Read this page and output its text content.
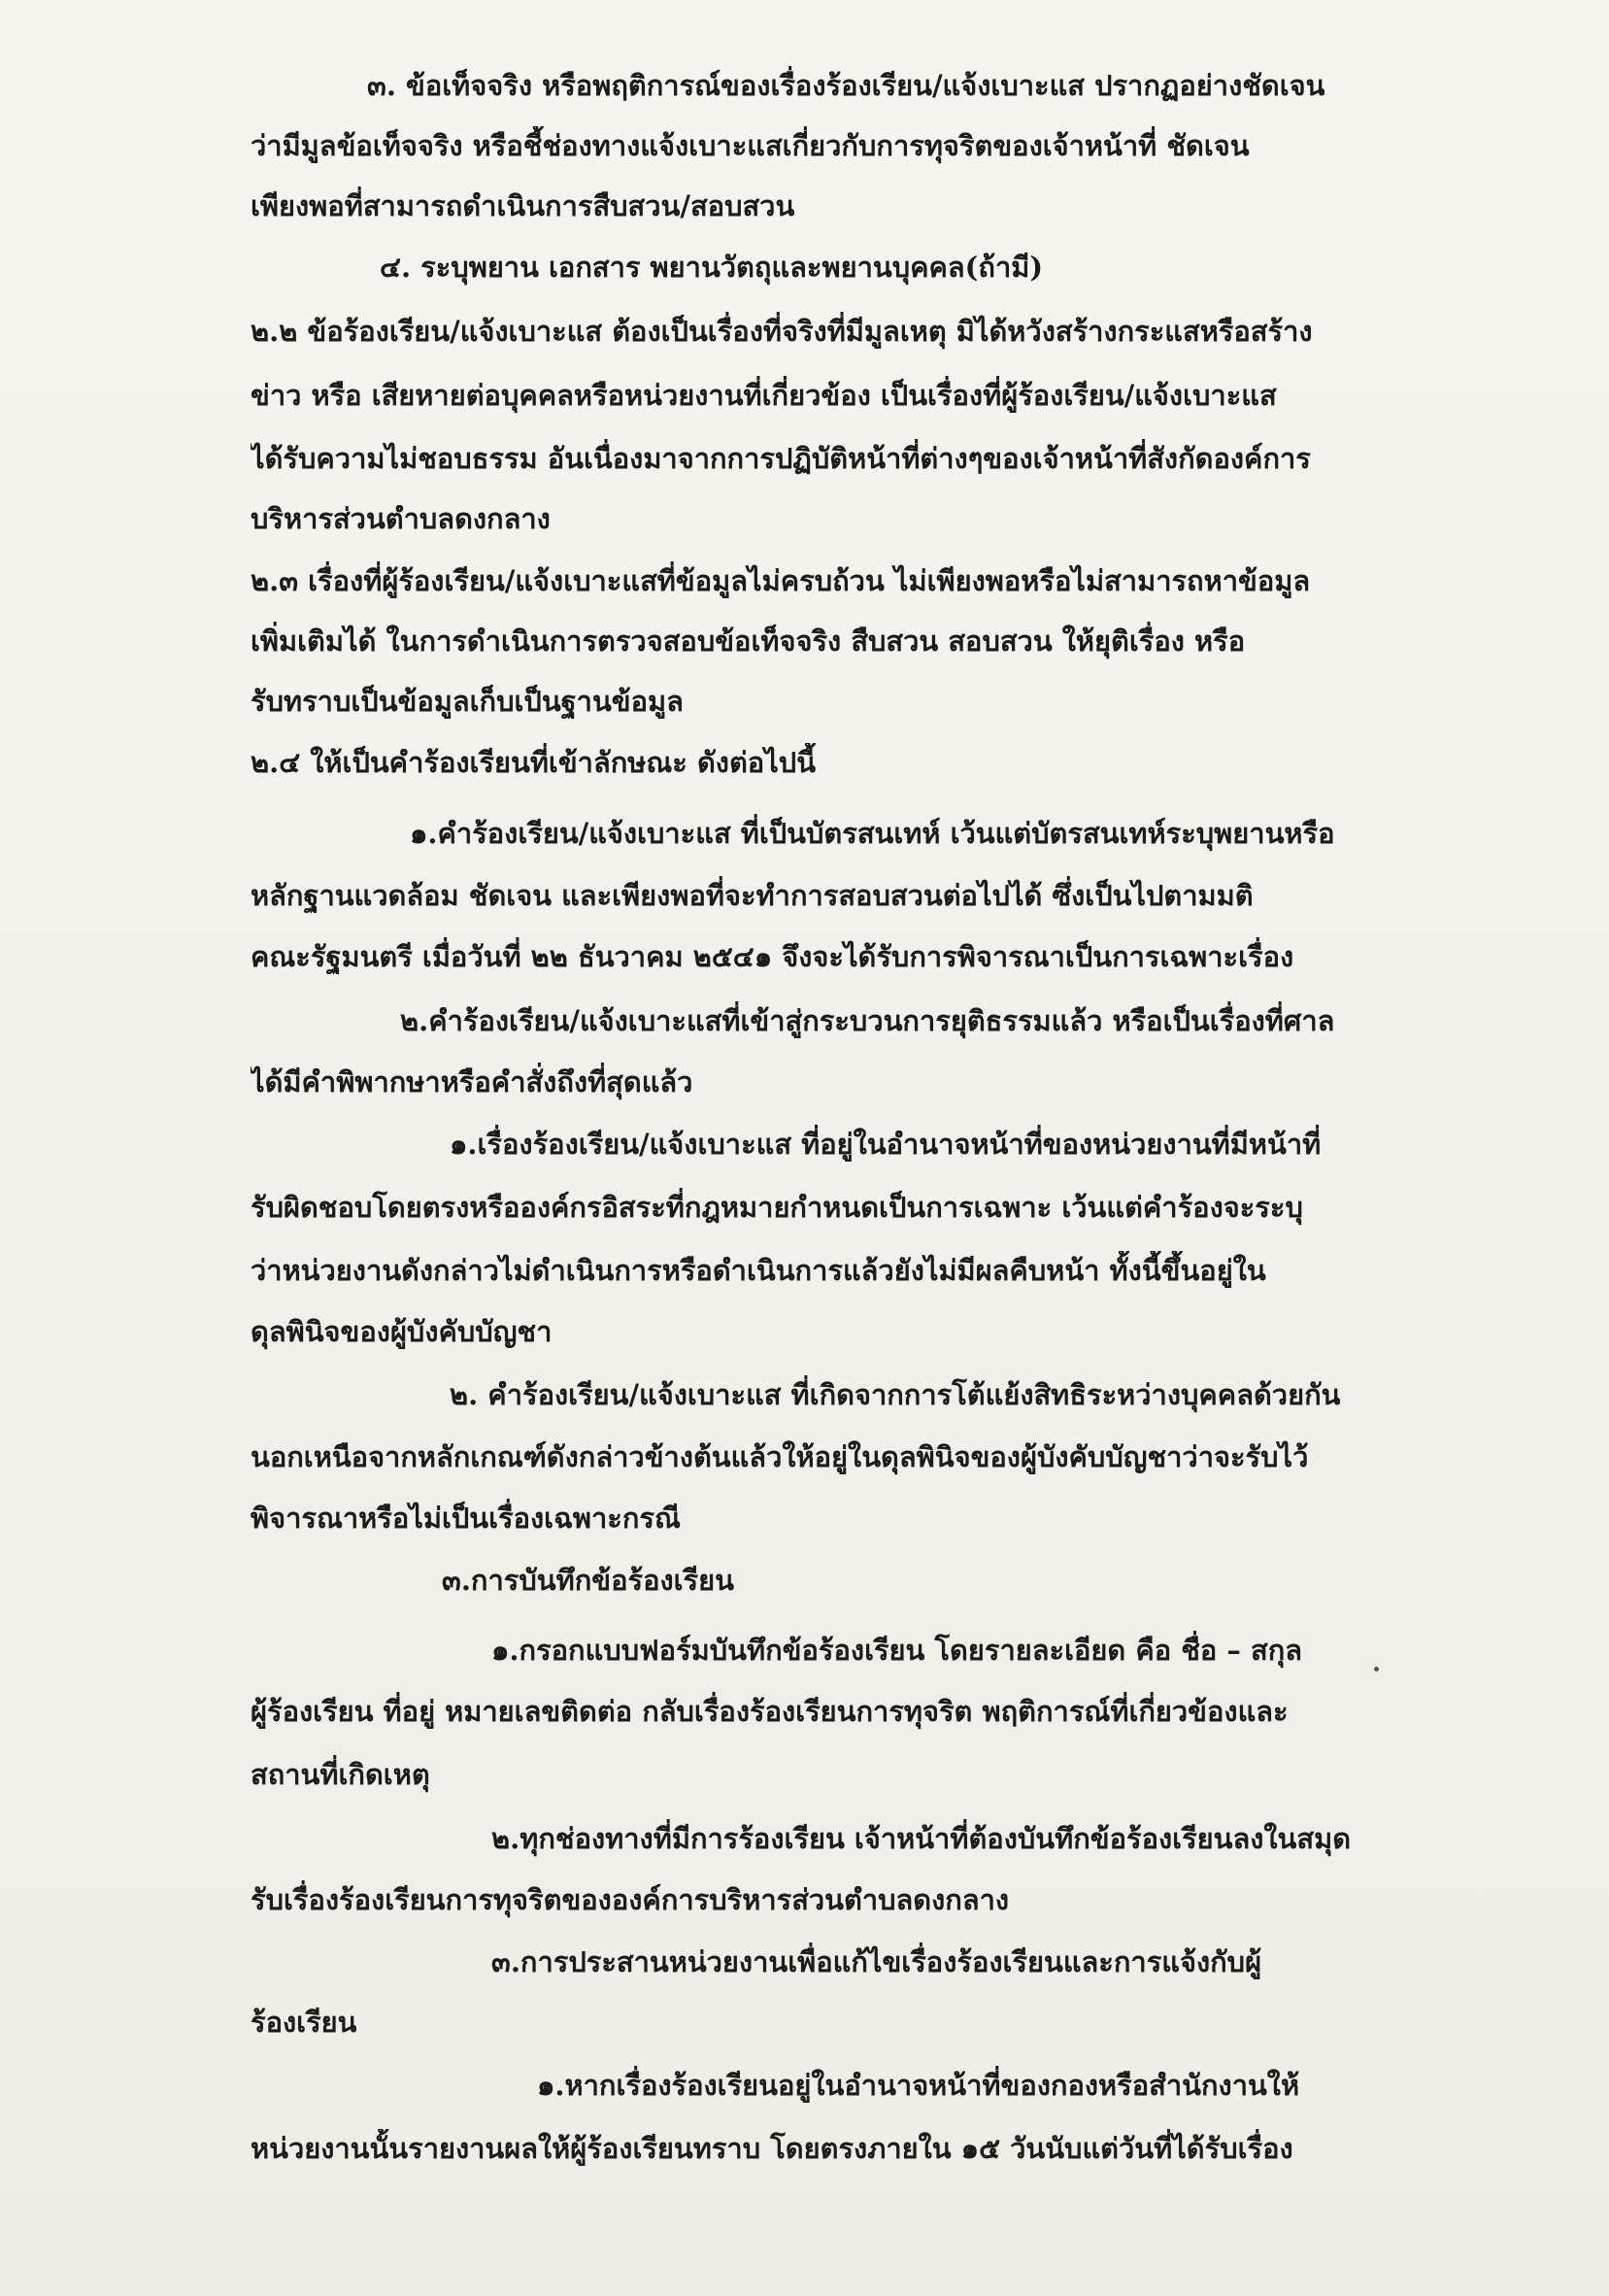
๓. ข้อเท็จจริง หรือพฤติการณ์ของเรื่องร้องเรียน/แจ้งเบาะแส ปรากฏอย่างชัดเจน
ว่ามีมูลข้อเท็จจริง หรือชี้ช่องทางแจ้งเบาะแสเกี่ยวกับการทุจริตของเจ้าหน้าที่ ชัดเจน
เพียงพอที่สามารถดำเนินการสืบสวน/สอบสวน
๔. ระบุพยาน เอกสาร พยานวัตถุและพยานบุคคล(ถ้ามี)
๒.๒ ข้อร้องเรียน/แจ้งเบาะแส ต้องเป็นเรื่องที่จริงที่มีมูลเหตุ มิได้หวังสร้างกระแสหรือสร้าง
ข่าว หรือ เสียหายต่อบุคคลหรือหน่วยงานที่เกี่ยวข้อง เป็นเรื่องที่ผู้ร้องเรียน/แจ้งเบาะแส
ได้รับความไม่ชอบธรรม อันเนื่องมาจากการปฏิบัติหน้าที่ต่างๆของเจ้าหน้าที่สังกัดองค์การ
บริหารส่วนตำบลดงกลาง
๒.๓ เรื่องที่ผู้ร้องเรียน/แจ้งเบาะแสที่ข้อมูลไม่ครบถ้วน ไม่เพียงพอหรือไม่สามารถหาข้อมูล
เพิ่มเติมได้ ในการดำเนินการตรวจสอบข้อเท็จจริง สืบสวน สอบสวน ให้ยุติเรื่อง หรือ
รับทราบเป็นข้อมูลเก็บเป็นฐานข้อมูล
๒.๔ ให้เป็นคำร้องเรียนที่เข้าลักษณะ ดังต่อไปนี้
๑.คำร้องเรียน/แจ้งเบาะแส ที่เป็นบัตรสนเทห์ เว้นแต่บัตรสนเทห์ระบุพยานหรือ
หลักฐานแวดล้อม ชัดเจน และเพียงพอที่จะทำการสอบสวนต่อไปได้ ซึ่งเป็นไปตามมติ
คณะรัฐมนตรี เมื่อวันที่ ๒๒ ธันวาคม ๒๕๔๑ จึงจะได้รับการพิจารณาเป็นการเฉพาะเรื่อง
๒.คำร้องเรียน/แจ้งเบาะแสที่เข้าสู่กระบวนการยุติธรรมแล้ว หรือเป็นเรื่องที่ศาล
ได้มีคำพิพากษาหรือคำสั่งถึงที่สุดแล้ว
๑.เรื่องร้องเรียน/แจ้งเบาะแส ที่อยู่ในอำนาจหน้าที่ของหน่วยงานที่มีหน้าที่
รับผิดชอบโดยตรงหรือองค์กรอิสระที่กฎหมายกำหนดเป็นการเฉพาะ เว้นแต่คำร้องจะระบุ
ว่าหน่วยงานดังกล่าวไม่ดำเนินการหรือดำเนินการแล้วยังไม่มีผลคืบหน้า ทั้งนี้ขึ้นอยู่ใน
ดุลพินิจของผู้บังคับบัญชา
๒. คำร้องเรียน/แจ้งเบาะแส ที่เกิดจากการโต้แย้งสิทธิระหว่างบุคคลด้วยกัน
นอกเหนือจากหลักเกณฑ์ดังกล่าวข้างต้นแล้วให้อยู่ในดุลพินิจของผู้บังคับบัญชาว่าจะรับไว้
พิจารณาหรือไม่เป็นเรื่องเฉพาะกรณี
๓.การบันทึกข้อร้องเรียน
๑.กรอกแบบฟอร์มบันทึกข้อร้องเรียน โดยรายละเอียด คือ ชื่อ – สกุล
ผู้ร้องเรียน ที่อยู่ หมายเลขติดต่อ กลับเรื่องร้องเรียนการทุจริต พฤติการณ์ที่เกี่ยวข้องและ
สถานที่เกิดเหตุ
๒.ทุกช่องทางที่มีการร้องเรียน เจ้าหน้าที่ต้องบันทึกข้อร้องเรียนลงในสมุด
รับเรื่องร้องเรียนการทุจริตขององค์การบริหารส่วนตำบลดงกลาง
๓.การประสานหน่วยงานเพื่อแก้ไขเรื่องร้องเรียนและการแจ้งกับผู้
ร้องเรียน
๑.หากเรื่องร้องเรียนอยู่ในอำนาจหน้าที่ของกองหรือสำนักงานให้
หน่วยงานนั้นรายงานผลให้ผู้ร้องเรียนทราบ โดยตรงภายใน ๑๕ วันนับแต่วันที่ได้รับเรื่อง
